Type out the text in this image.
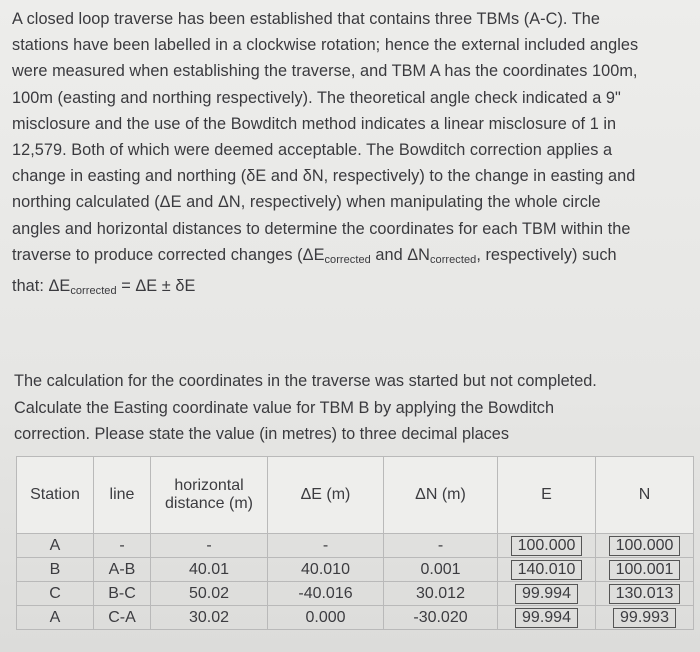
A closed loop traverse has been established that contains three TBMs (A-C). The
stations have been labelled in a clockwise rotation; hence the external included angles
were measured when establishing the traverse, and TBM A has the coordinates 100m,
100m (easting and northing respectively). The theoretical angle check indicated a 9"
misclosure and the use of the Bowditch method indicates a linear misclosure of 1 in
12,579. Both of which were deemed acceptable. The Bowditch correction applies a
change in easting and northing (δE and δN, respectively) to the change in easting and
northing calculated (ΔE and ΔN, respectively) when manipulating the whole circle
angles and horizontal distances to determine the coordinates for each TBM within the
traverse to produce corrected changes ($\Delta E_{corrected}$ and $\Delta N_{corrected}$, respectively) such
that: $\Delta E_{corrected} = \Delta E \pm \delta E$
The calculation for the coordinates in the traverse was started but not completed.
Calculate the Easting coordinate value for TBM B by applying the Bowditch
correction. Please state the value (in metres) to three decimal places
Station	line	horizontal distance (m)	ΔE (m)	ΔN (m)	E	N
A	-	-	-	-	100.000	100.000
B	A-B	40.01	40.010	0.001	140.010	100.001
C	B-C	50.02	-40.016	30.012	99.994	130.013
A	C-A	30.02	0.000	-30.020	99.994	99.993
